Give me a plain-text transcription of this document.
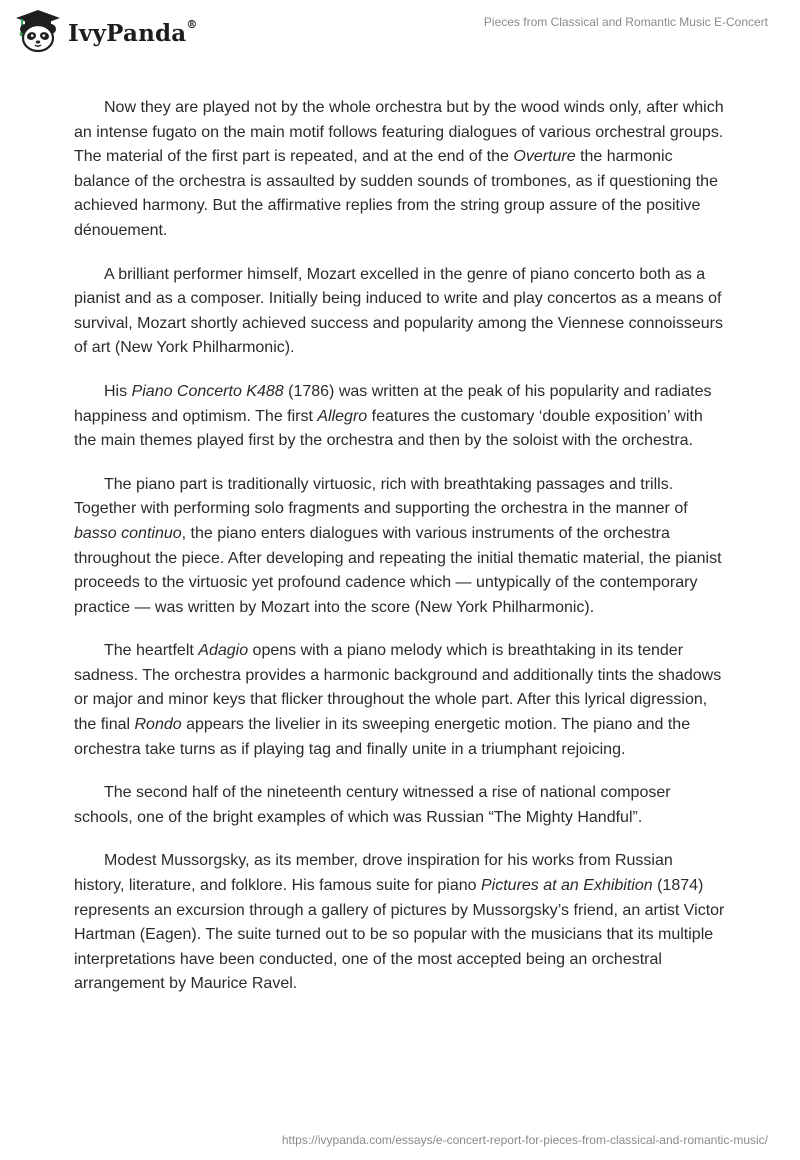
IvyPanda®	Pieces from Classical and Romantic Music E-Concert

Now they are played not by the whole orchestra but by the wood winds only, after which an intense fugato on the main motif follows featuring dialogues of various orchestral groups. The material of the first part is repeated, and at the end of the Overture the harmonic balance of the orchestra is assaulted by sudden sounds of trombones, as if questioning the achieved harmony. But the affirmative replies from the string group assure of the positive dénouement.

A brilliant performer himself, Mozart excelled in the genre of piano concerto both as a pianist and as a composer. Initially being induced to write and play concertos as a means of survival, Mozart shortly achieved success and popularity among the Viennese connoisseurs of art (New York Philharmonic).

His Piano Concerto K488 (1786) was written at the peak of his popularity and radiates happiness and optimism. The first Allegro features the customary ‘double exposition’ with the main themes played first by the orchestra and then by the soloist with the orchestra.

The piano part is traditionally virtuosic, rich with breathtaking passages and trills. Together with performing solo fragments and supporting the orchestra in the manner of basso continuo, the piano enters dialogues with various instruments of the orchestra throughout the piece. After developing and repeating the initial thematic material, the pianist proceeds to the virtuosic yet profound cadence which — untypically of the contemporary practice — was written by Mozart into the score (New York Philharmonic).

The heartfelt Adagio opens with a piano melody which is breathtaking in its tender sadness. The orchestra provides a harmonic background and additionally tints the shadows or major and minor keys that flicker throughout the whole part. After this lyrical digression, the final Rondo appears the livelier in its sweeping energetic motion. The piano and the orchestra take turns as if playing tag and finally unite in a triumphant rejoicing.

The second half of the nineteenth century witnessed a rise of national composer schools, one of the bright examples of which was Russian “The Mighty Handful”.

Modest Mussorgsky, as its member, drove inspiration for his works from Russian history, literature, and folklore. His famous suite for piano Pictures at an Exhibition (1874) represents an excursion through a gallery of pictures by Mussorgsky’s friend, an artist Victor Hartman (Eagen). The suite turned out to be so popular with the musicians that its multiple interpretations have been conducted, one of the most accepted being an orchestral arrangement by Maurice Ravel.

https://ivypanda.com/essays/e-concert-report-for-pieces-from-classical-and-romantic-music/
